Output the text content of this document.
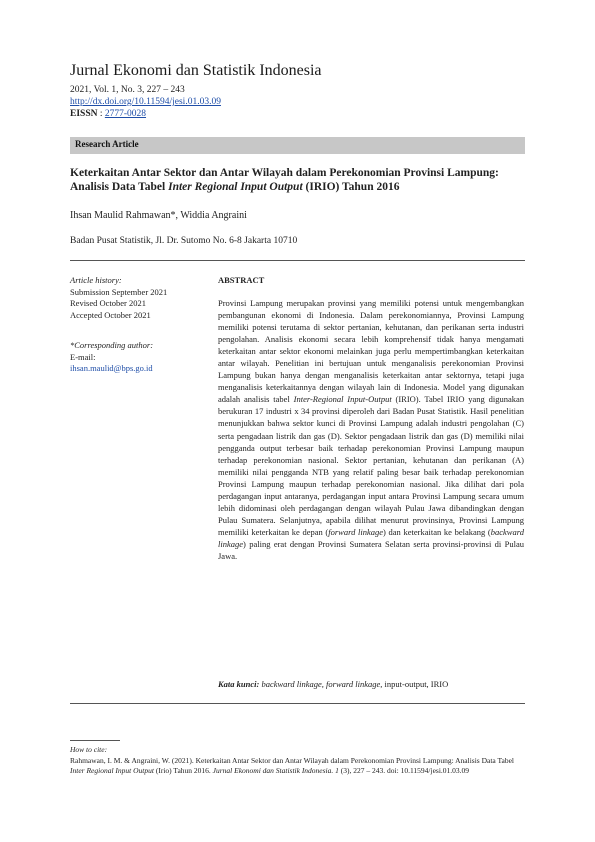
Jurnal Ekonomi dan Statistik Indonesia
2021, Vol. 1, No. 3, 227 – 243
http://dx.doi.org/10.11594/jesi.01.03.09
EISSN : 2777-0028
Research Article
Keterkaitan Antar Sektor dan Antar Wilayah dalam Perekonomian Provinsi Lampung: Analisis Data Tabel Inter Regional Input Output (IRIO) Tahun 2016
Ihsan Maulid Rahmawan*, Widdia Angraini
Badan Pusat Statistik, Jl. Dr. Sutomo No. 6-8 Jakarta 10710
Article history:
Submission September 2021
Revised October 2021
Accepted October 2021
*Corresponding author:
E-mail:
ihsan.maulid@bps.go.id
ABSTRACT
Provinsi Lampung merupakan provinsi yang memiliki potensi untuk mengembangkan pembangunan ekonomi di Indonesia. Dalam perekonomiannya, Provinsi Lampung memiliki potensi terutama di sektor pertanian, kehutanan, dan perikanan serta industri pengolahan. Analisis ekonomi secara lebih komprehensif tidak hanya mengamati keterkaitan antar sektor ekonomi melainkan juga perlu mempertimbangkan keterkaitan antar wilayah. Penelitian ini bertujuan untuk menganalisis perekonomian Provinsi Lampung bukan hanya dengan menganalisis keterkaitan antar sektornya, tetapi juga menganalisis keterkaitannya dengan wilayah lain di Indonesia. Model yang digunakan adalah analisis tabel Inter-Regional Input-Output (IRIO). Tabel IRIO yang digunakan berukuran 17 industri x 34 provinsi diperoleh dari Badan Pusat Statistik. Hasil penelitian menunjukkan bahwa sektor kunci di Provinsi Lampung adalah industri pengolahan (C) serta pengadaan listrik dan gas (D). Sektor pengadaan listrik dan gas (D) memiliki nilai pengganda output terbesar baik terhadap perekonomian Provinsi Lampung maupun terhadap perekonomian nasional. Sektor pertanian, kehutanan dan perikanan (A) memiliki nilai pengganda NTB yang relatif paling besar baik terhadap perekonomian Provinsi Lampung maupun terhadap perekonomian nasional. Jika dilihat dari pola perdagangan input antaranya, perdagangan input antara Provinsi Lampung secara umum lebih didominasi oleh perdagangan dengan wilayah Pulau Jawa dibandingkan dengan Pulau Sumatera. Selanjutnya, apabila dilihat menurut provinsinya, Provinsi Lampung memiliki keterkaitan ke depan (forward linkage) dan keterkaitan ke belakang (backward linkage) paling erat dengan Provinsi Sumatera Selatan serta provinsi-provinsi di Pulau Jawa.
Kata kunci: backward linkage, forward linkage, input-output, IRIO
How to cite:
Rahmawan, I. M. & Angraini, W. (2021). Keterkaitan Antar Sektor dan Antar Wilayah dalam Perekonomian Provinsi Lampung: Analisis Data Tabel Inter Regional Input Output (Irio) Tahun 2016. Jurnal Ekonomi dan Statistik Indonesia. 1 (3), 227 – 243. doi: 10.11594/jesi.01.03.09
